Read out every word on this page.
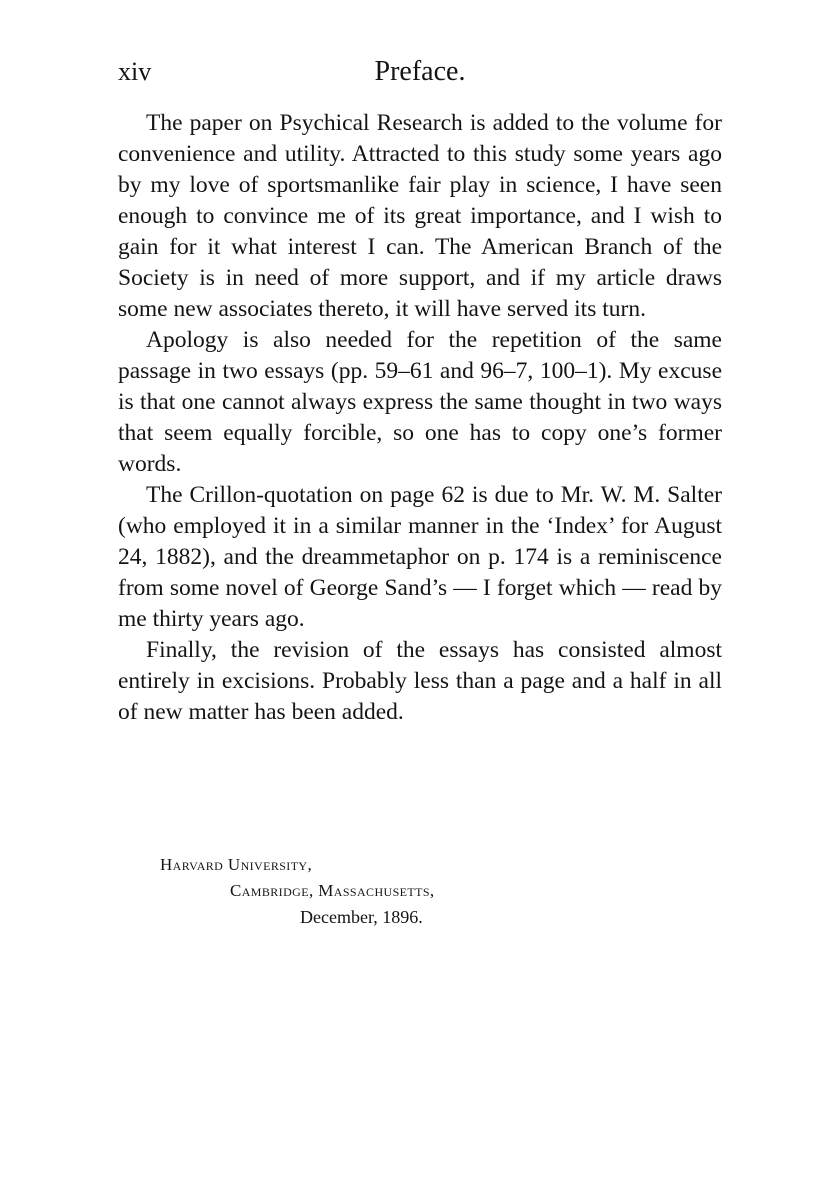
xiv	Preface.

The paper on Psychical Research is added to the volume for convenience and utility. Attracted to this study some years ago by my love of sportsmanlike fair play in science, I have seen enough to convince me of its great importance, and I wish to gain for it what interest I can. The American Branch of the Society is in need of more support, and if my article draws some new associates thereto, it will have served its turn.

Apology is also needed for the repetition of the same passage in two essays (pp. 59–61 and 96–7, 100–1). My excuse is that one cannot always express the same thought in two ways that seem equally forcible, so one has to copy one’s former words.

The Crillon-quotation on page 62 is due to Mr. W. M. Salter (who employed it in a similar manner in the ‘Index’ for August 24, 1882), and the dreammetaphor on p. 174 is a reminiscence from some novel of George Sand’s — I forget which — read by me thirty years ago.

Finally, the revision of the essays has consisted almost entirely in excisions. Probably less than a page and a half in all of new matter has been added.

Harvard University,
Cambridge, Massachusetts,
December, 1896.
